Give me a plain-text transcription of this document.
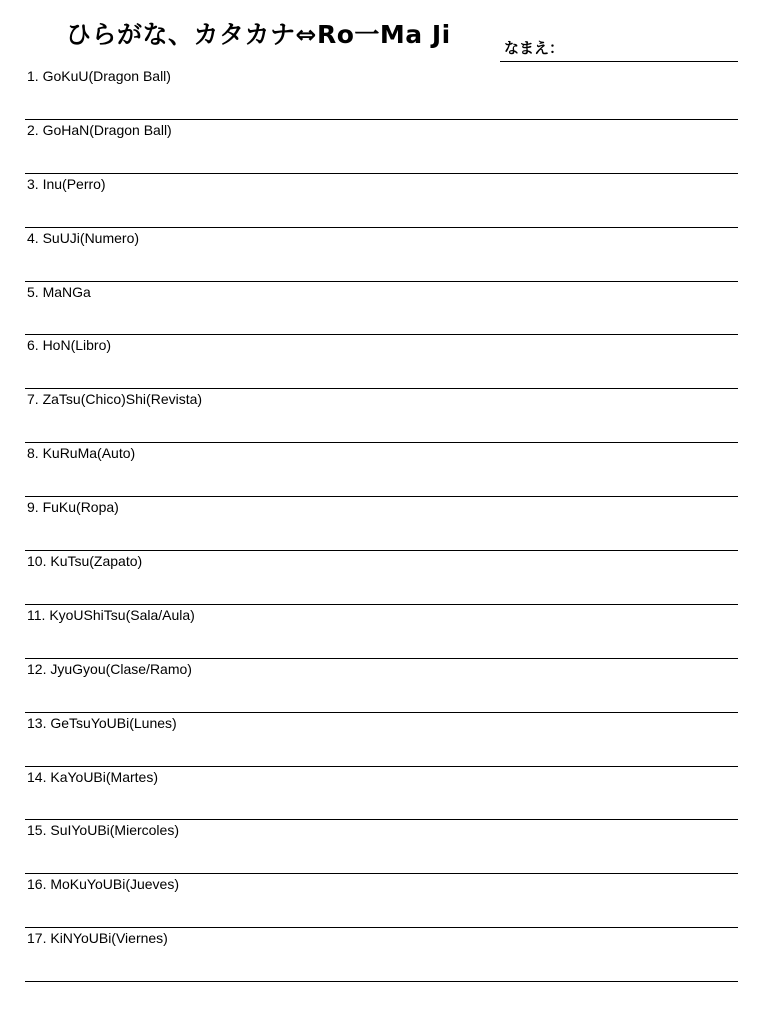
ひらがな、カタカナ⇔Ro一Ma Ji	なまえ：
1. GoKuU(Dragon Ball)
2. GoHaN(Dragon Ball)
3. Inu(Perro)
4. SuUJi(Numero)
5. MaNGa
6. HoN(Libro)
7. ZaTsu(Chico)Shi(Revista)
8. KuRuMa(Auto)
9. FuKu(Ropa)
10. KuTsu(Zapato)
11. KyoUShiTsu(Sala/Aula)
12. JyuGyou(Clase/Ramo)
13. GeTsuYoUBi(Lunes)
14. KaYoUBi(Martes)
15. SuIYoUBi(Miercoles)
16. MoKuYoUBi(Jueves)
17. KiNYoUBi(Viernes)
